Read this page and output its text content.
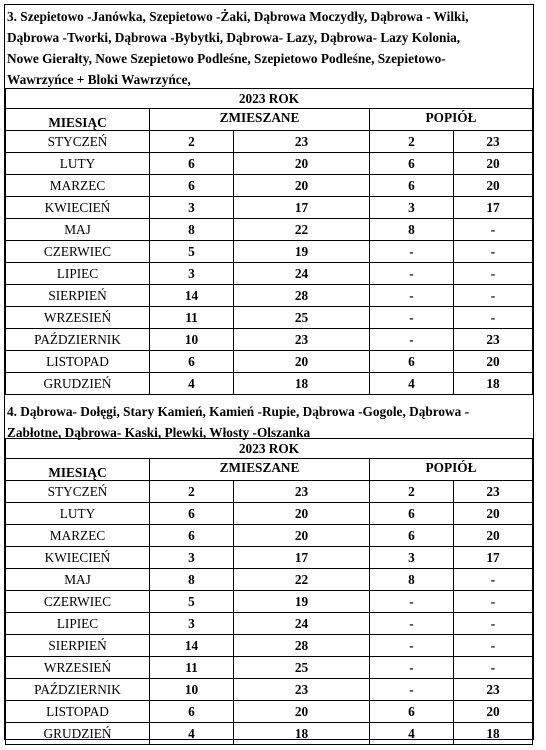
3. Szepietowo -Janówka, Szepietowo -Żaki, Dąbrowa Moczydły, Dąbrowa - Wilki,
Dąbrowa -Tworki, Dąbrowa -Bybytki, Dąbrowa- Lazy, Dąbrowa- Lazy Kolonia,
Nowe Gierałty, Nowe Szepietowo Podleśne, Szepietowo Podleśne, Szepietowo-
Wawrzyńce + Bloki Wawrzyńce,
2023 ROK				
MIESIĄC	ZMIESZANE		POPIÓŁ	
STYCZEŃ	2	23	2	23
LUTY	6	20	6	20
MARZEC	6	20	6	20
KWIECIEŃ	3	17	3	17
MAJ	8	22	8	-
CZERWIEC	5	19	-	-
LIPIEC	3	24	-	-
SIERPIEŃ	14	28	-	-
WRZESIEŃ	11	25	-	-
PAŹDZIERNIK	10	23	-	23
LISTOPAD	6	20	6	20
GRUDZIEŃ	4	18	4	18
4. Dąbrowa- Dołęgi, Stary Kamień, Kamień -Rupie, Dąbrowa -Gogole, Dąbrowa -
Zabłotne, Dąbrowa- Kaski, Plewki, Włosty -Olszanka
2023 ROK				
MIESIĄC	ZMIESZANE		POPIÓŁ	
STYCZEŃ	2	23	2	23
LUTY	6	20	6	20
MARZEC	6	20	6	20
KWIECIEŃ	3	17	3	17
MAJ	8	22	8	-
CZERWIEC	5	19	-	-
LIPIEC	3	24	-	-
SIERPIEŃ	14	28	-	-
WRZESIEŃ	11	25	-	-
PAŹDZIERNIK	10	23	-	23
LISTOPAD	6	20	6	20
GRUDZIEŃ	4	18	4	18
